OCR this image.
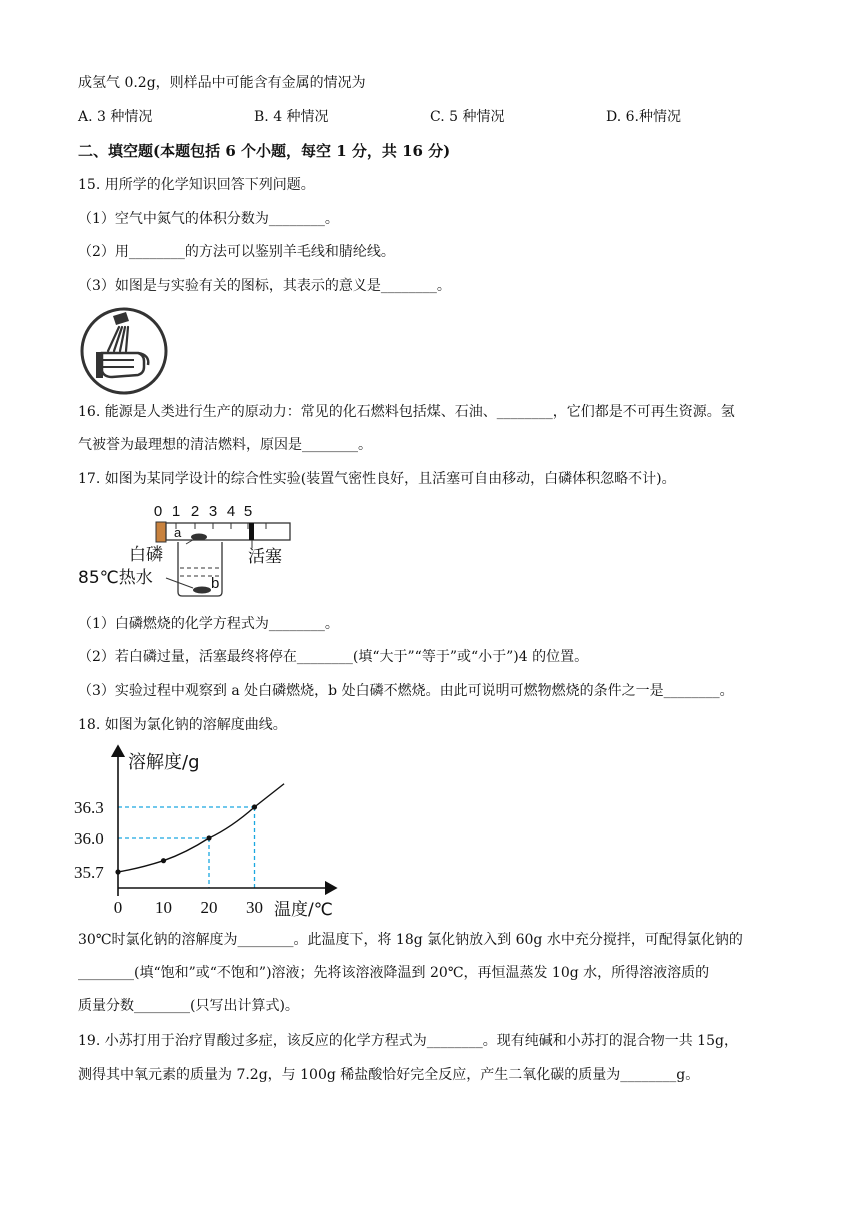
成氢气 0.2g，则样品中可能含有金属的情况为
A. 3 种情况	B. 4 种情况	C. 5 种情况	D. 6.种情况
二、填空题(本题包括 6 个小题，每空 1 分，共 16 分)
15. 用所学的化学知识回答下列问题。
（1）空气中氮气的体积分数为________。
（2）用________的方法可以鉴别羊毛线和腈纶线。
（3）如图是与实验有关的图标，其表示的意义是________。
16. 能源是人类进行生产的原动力：常见的化石燃料包括煤、石油、________，它们都是不可再生资源。氢
气被誉为最理想的清洁燃料，原因是________。
17. 如图为某同学设计的综合性实验(装置气密性良好，且活塞可自由移动，白磷体积忽略不计)。
0 1 2 3 4 5
a
b
白磷	活塞
85℃热水
（1）白磷燃烧的化学方程式为________。
（2）若白磷过量，活塞最终将停在________(填“大于”“等于”或“小于”)4 的位置。
（3）实验过程中观察到 a 处白磷燃烧，b 处白磷不燃烧。由此可说明可燃物燃烧的条件之一是________。
18. 如图为氯化钠的溶解度曲线。
溶解度/g
温度/℃
35.7
36.0
36.3
0 10 20 30
30℃时氯化钠的溶解度为________。此温度下，将 18g 氯化钠放入到 60g 水中充分搅拌，可配得氯化钠的
________(填“饱和”或“不饱和”)溶液；先将该溶液降温到 20℃，再恒温蒸发 10g 水，所得溶液溶质的
质量分数________(只写出计算式)。
19. 小苏打用于治疗胃酸过多症，该反应的化学方程式为________。现有纯碱和小苏打的混合物一共 15g，
测得其中氧元素的质量为 7.2g，与 100g 稀盐酸恰好完全反应，产生二氧化碳的质量为________g。
